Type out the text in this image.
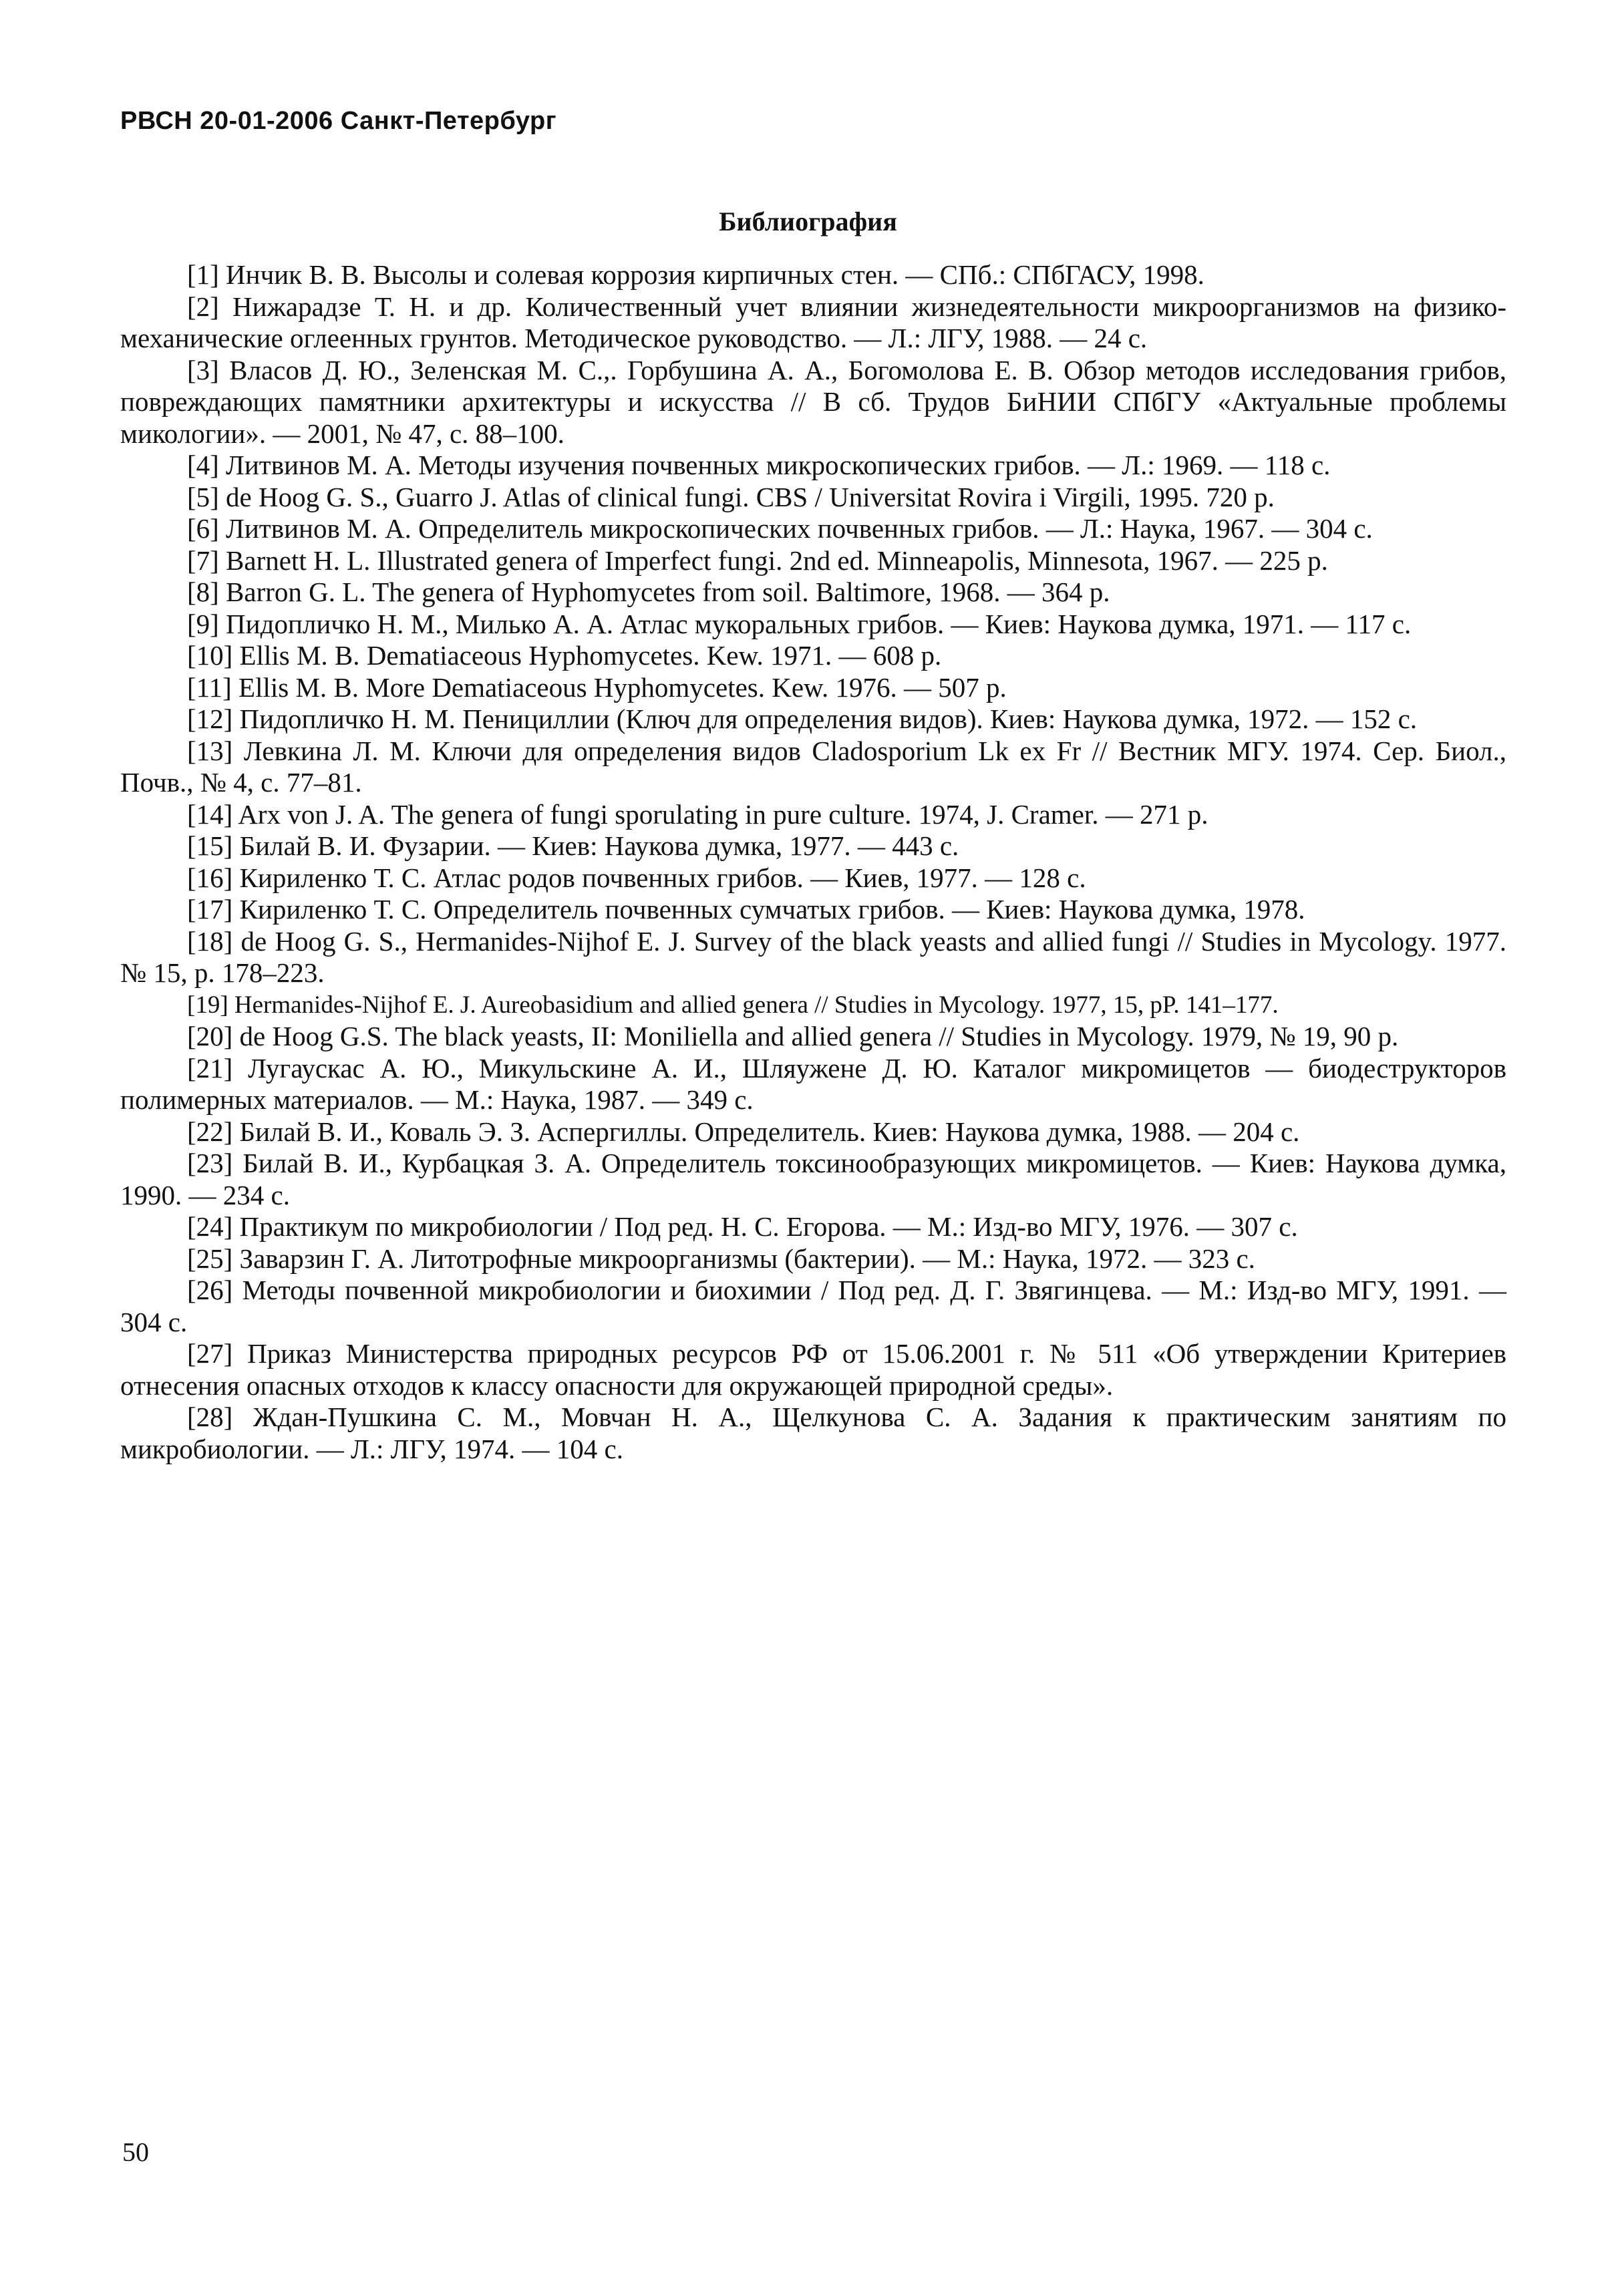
РВСН 20-01-2006 Санкт-Петербург
Библиография

[1] Инчик В. В. Высолы и солевая коррозия кирпичных стен. — СПб.: СПбГАСУ, 1998.

[2] Нижарадзе Т. Н. и др. Количественный учет влиянии жизнедеятельности микроорганизмов на физико-механические оглеенных грунтов. Методическое руководство. — Л.: ЛГУ, 1988. — 24 с.

[3] Власов Д. Ю., Зеленская М. С.,. Горбушина А. А., Богомолова Е. В. Обзор методов исследования грибов, повреждающих памятники архитектуры и искусства // В сб. Трудов БиНИИ СПбГУ «Актуальные проблемы микологии». — 2001, № 47, с. 88–100.

[4] Литвинов М. А. Методы изучения почвенных микроскопических грибов. — Л.: 1969. — 118 с.

[5] de Hoog G. S., Guarro J. Atlas of clinical fungi. CBS / Universitat Rovira i Virgili, 1995. 720 p.

[6] Литвинов М. А. Определитель микроскопических почвенных грибов. — Л.: Наука, 1967. — 304 с.

[7] Barnett H. L. Illustrated genera of Imperfect fungi. 2nd ed. Minneapolis, Minnesota, 1967. — 225 p.

[8] Barron G. L. The genera of Hyphomycetes from soil. Baltimore, 1968. — 364 p.

[9] Пидопличко Н. М., Милько А. А. Атлас мукоральных грибов. — Киев: Наукова думка, 1971. — 117 с.

[10] Ellis M. B. Dematiaceous Hyphomycetes. Kew. 1971. — 608 p.

[11] Ellis M. B. More Dematiaceous Hyphomycetes. Kew. 1976. — 507 p.

[12] Пидопличко Н. М. Пенициллии (Ключ для определения видов). Киев: Наукова думка, 1972. — 152 с.

[13] Левкина Л. М. Ключи для определения видов Cladosporium Lk ex Fr // Вестник МГУ. 1974. Сер. Биол., Почв., № 4, с. 77–81.

[14] Arx von J. A. The genera of fungi sporulating in pure culture. 1974, J. Cramer. — 271 p.

[15] Билай В. И. Фузарии. — Киев: Наукова думка, 1977. — 443 с.

[16] Кириленко Т. С. Атлас родов почвенных грибов. — Киев, 1977. — 128 с.

[17] Кириленко Т. С. Определитель почвенных сумчатых грибов. — Киев: Наукова думка, 1978.

[18] de Hoog G. S., Hermanides-Nijhof E. J. Survey of the black yeasts and allied fungi // Studies in Mycology. 1977. № 15, p. 178–223.

[19] Hermanides-Nijhof E. J. Aureobasidium and allied genera // Studies in Mycology. 1977, 15, pP. 141–177.

[20] de Hoog G.S. The black yeasts, II: Moniliella and allied genera // Studies in Mycology. 1979, № 19, 90 p.

[21] Лугаускас А. Ю., Микульскине А. И., Шляужене Д. Ю. Каталог микромицетов — биодеструкторов полимерных материалов. — М.: Наука, 1987. — 349 с.

[22] Билай В. И., Коваль Э. З. Аспергиллы. Определитель. Киев: Наукова думка, 1988. — 204 с.

[23] Билай В. И., Курбацкая З. А. Определитель токсинообразующих микромицетов. — Киев: Наукова думка, 1990. — 234 с.

[24] Практикум по микробиологии / Под ред. Н. С. Егорова. — М.: Изд-во МГУ, 1976. — 307 с.

[25] Заварзин Г. А. Литотрофные микроорганизмы (бактерии). — М.: Наука, 1972. — 323 с.

[26] Методы почвенной микробиологии и биохимии / Под ред. Д. Г. Звягинцева. — М.: Изд-во МГУ, 1991. — 304 с.

[27] Приказ Министерства природных ресурсов РФ от 15.06.2001 г. № 511 «Об утверждении Критериев отнесения опасных отходов к классу опасности для окружающей природной среды».

[28] Ждан-Пушкина С. М., Мовчан Н. А., Щелкунова С. А. Задания к практическим занятиям по микробиологии. — Л.: ЛГУ, 1974. — 104 с.

50
